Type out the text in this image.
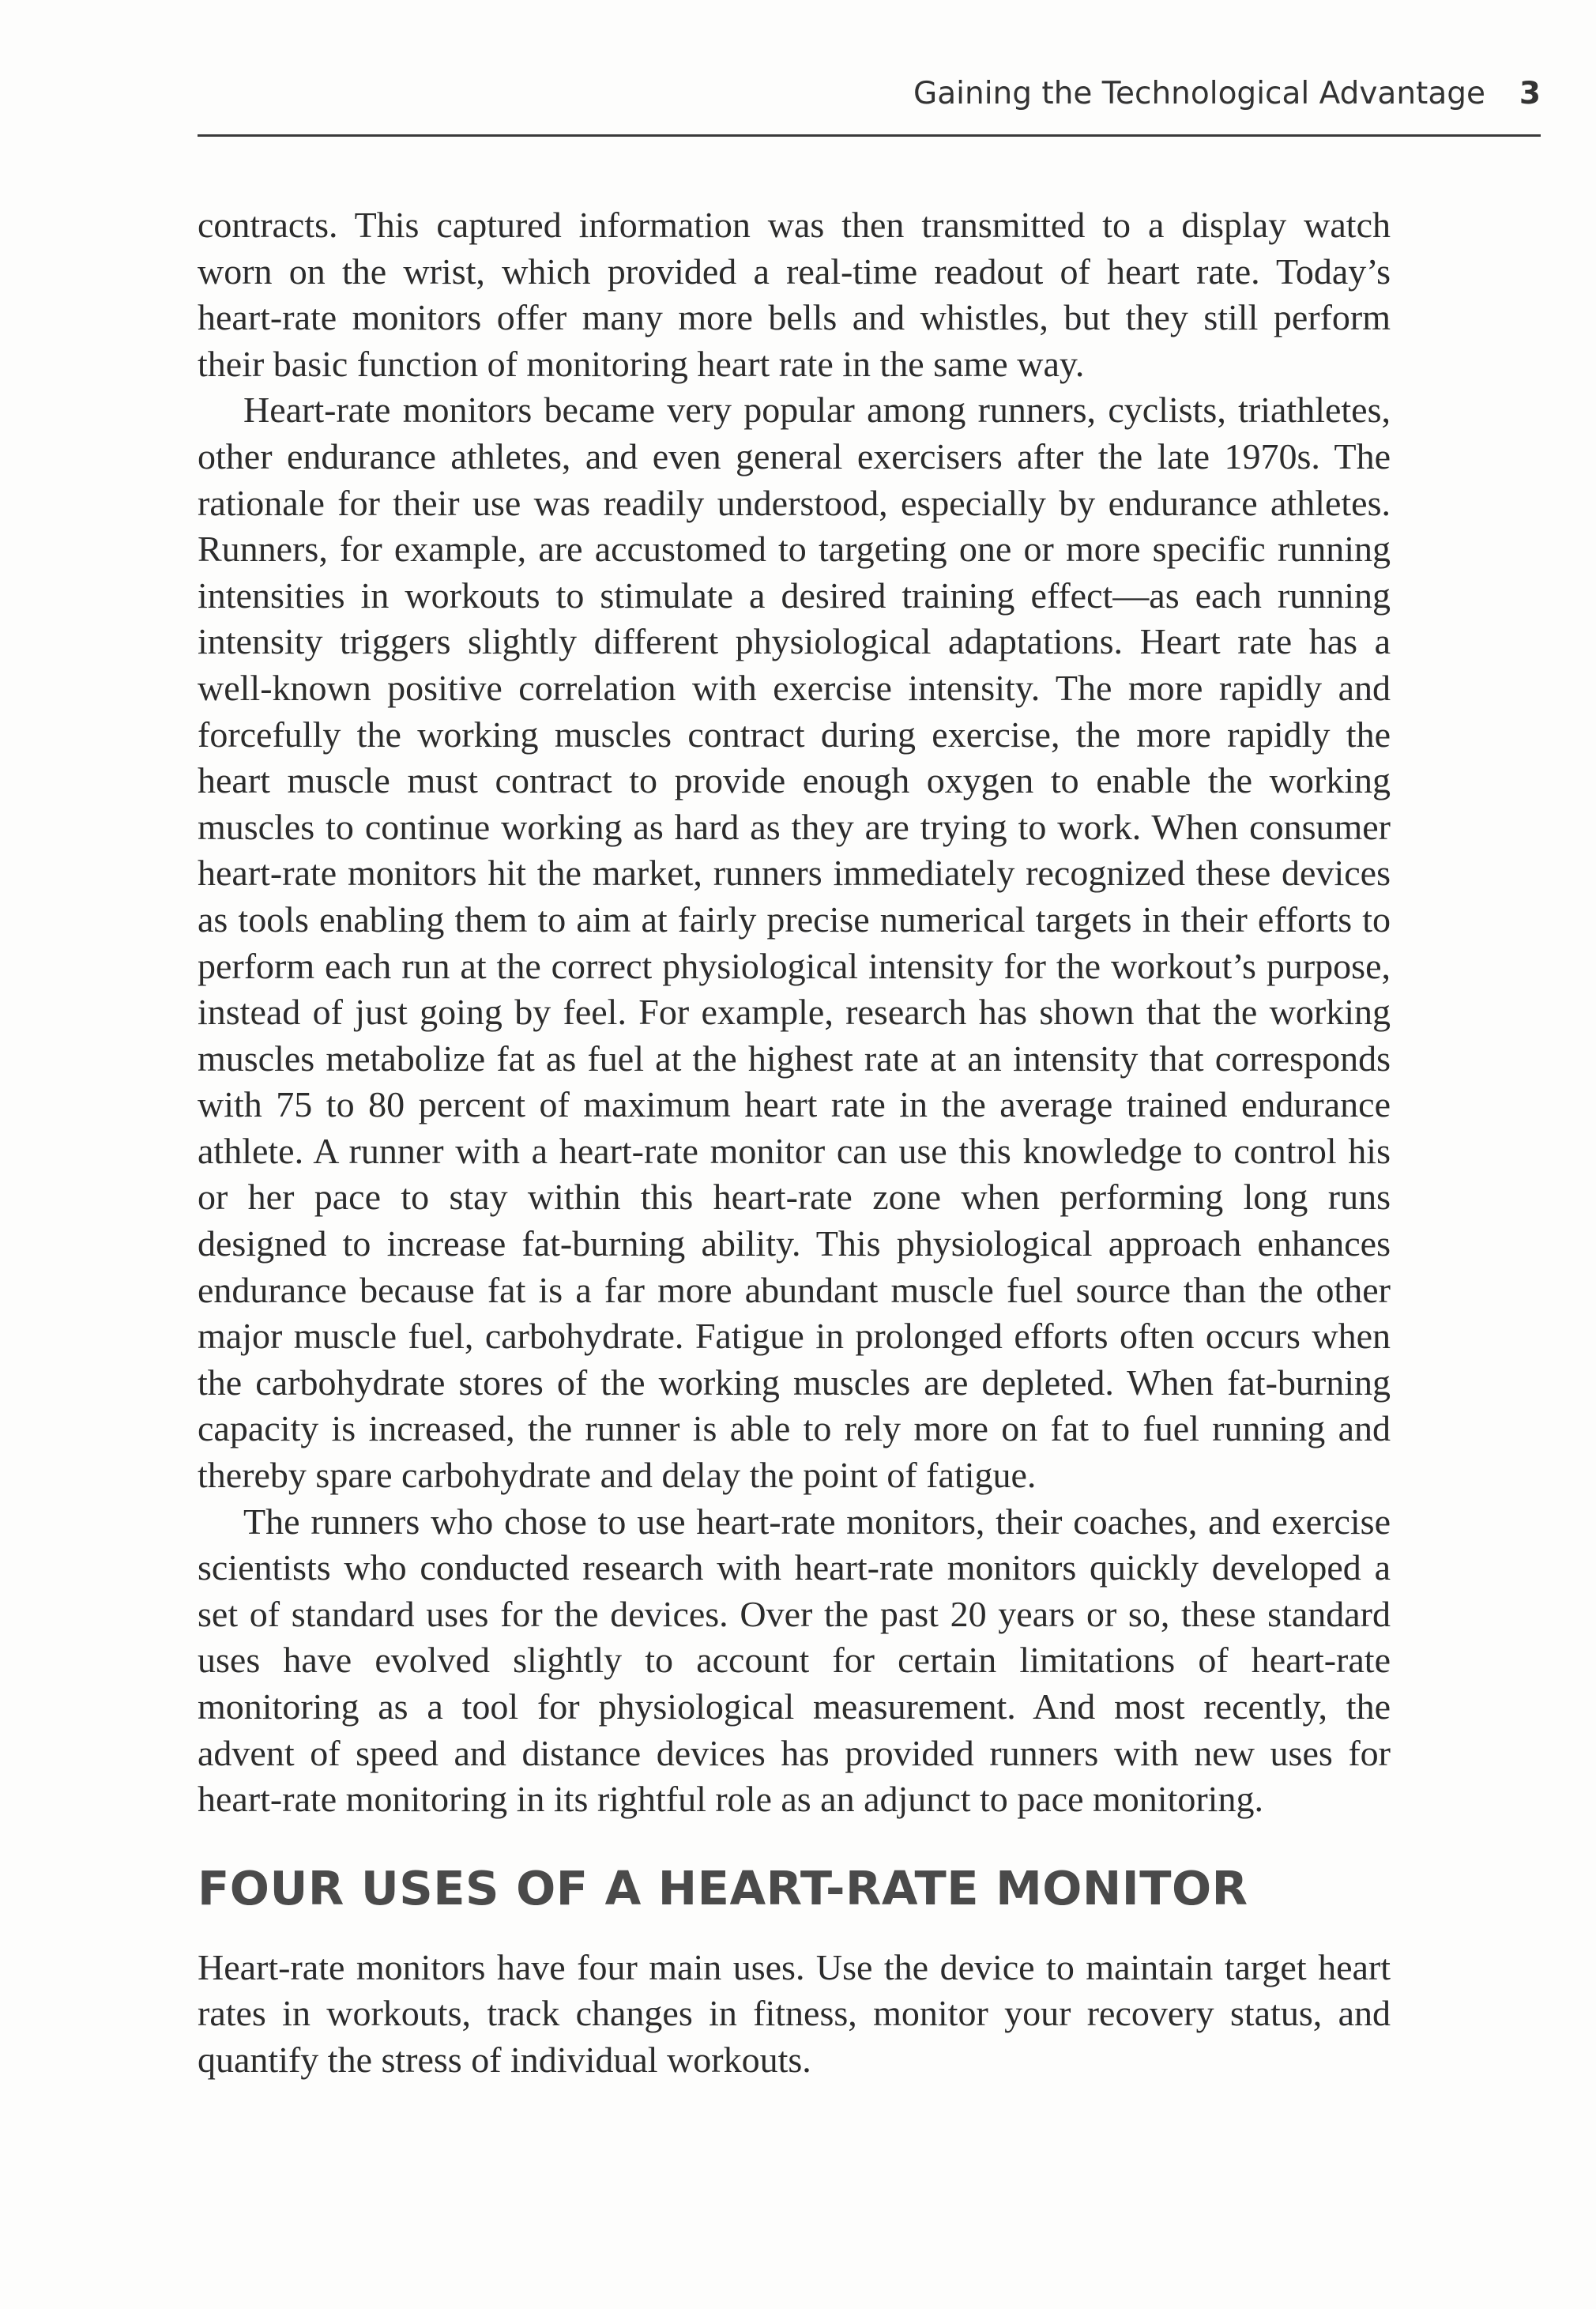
Gaining the Technological Advantage 3

contracts. This captured information was then transmitted to a display watch worn on the wrist, which provided a real-time readout of heart rate. Today’s heart-rate monitors offer many more bells and whistles, but they still perform their basic function of monitoring heart rate in the same way.

Heart-rate monitors became very popular among runners, cyclists, triathletes, other endurance athletes, and even general exercisers after the late 1970s. The rationale for their use was readily understood, especially by endurance athletes. Runners, for example, are accustomed to targeting one or more specific running intensities in workouts to stimulate a desired training effect—as each running intensity triggers slightly different physiological adaptations. Heart rate has a well-known positive correlation with exercise intensity. The more rapidly and forcefully the working muscles contract during exercise, the more rapidly the heart muscle must contract to provide enough oxygen to enable the working muscles to continue working as hard as they are trying to work. When consumer heart-rate monitors hit the market, runners immediately recognized these devices as tools enabling them to aim at fairly precise numerical targets in their efforts to perform each run at the correct physiological intensity for the workout’s purpose, instead of just going by feel. For example, research has shown that the working muscles metabolize fat as fuel at the highest rate at an intensity that corresponds with 75 to 80 percent of maximum heart rate in the average trained endurance athlete. A runner with a heart-rate monitor can use this knowledge to control his or her pace to stay within this heart-rate zone when performing long runs designed to increase fat-burning ability. This physiological approach enhances endurance because fat is a far more abundant muscle fuel source than the other major muscle fuel, carbohydrate. Fatigue in prolonged efforts often occurs when the carbohydrate stores of the working muscles are depleted. When fat-burning capacity is increased, the runner is able to rely more on fat to fuel running and thereby spare carbohydrate and delay the point of fatigue.

The runners who chose to use heart-rate monitors, their coaches, and exercise scientists who conducted research with heart-rate monitors quickly developed a set of standard uses for the devices. Over the past 20 years or so, these standard uses have evolved slightly to account for certain limitations of heart-rate monitoring as a tool for physiological measurement. And most recently, the advent of speed and distance devices has provided runners with new uses for heart-rate monitoring in its rightful role as an adjunct to pace monitoring.

FOUR USES OF A HEART-RATE MONITOR

Heart-rate monitors have four main uses. Use the device to maintain target heart rates in workouts, track changes in fitness, monitor your recovery status, and quantify the stress of individual workouts.
